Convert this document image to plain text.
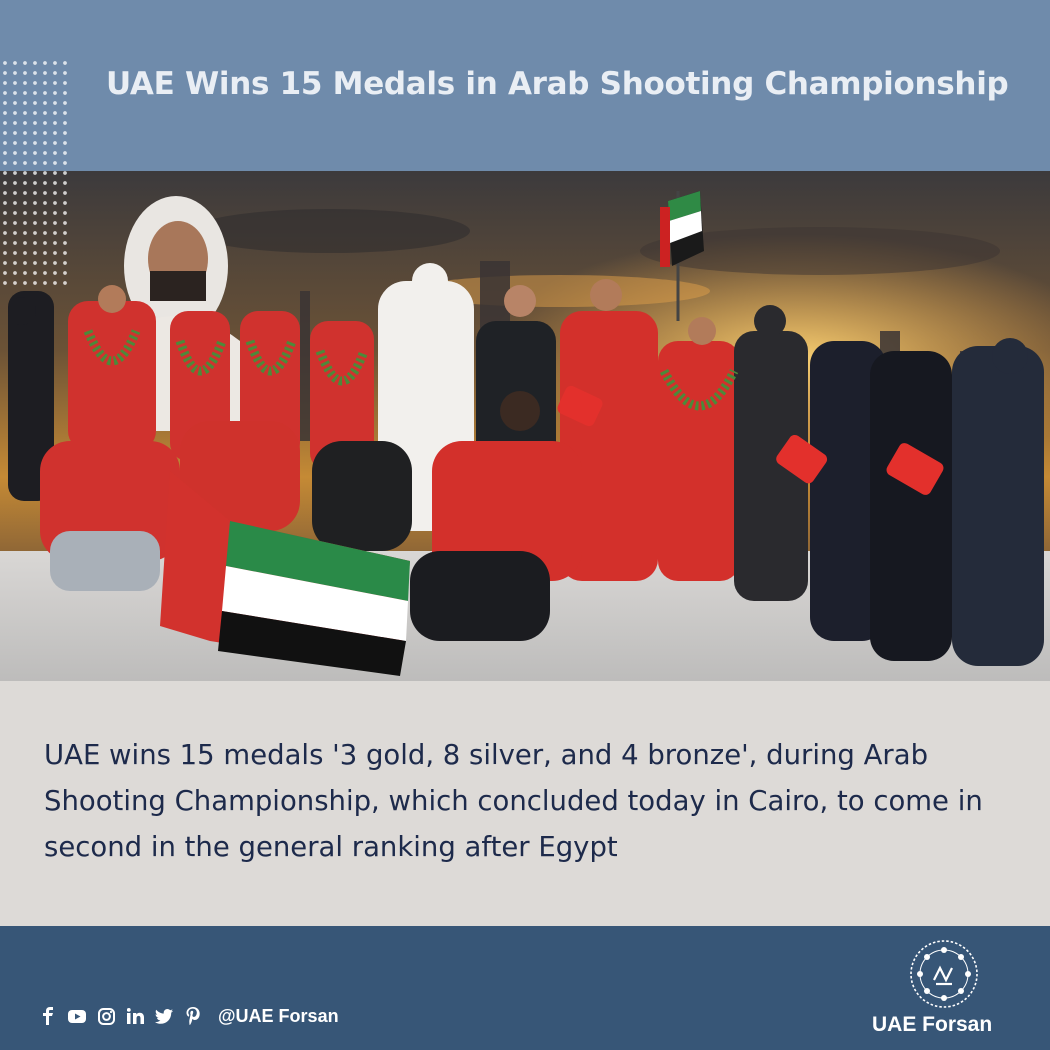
UAE Wins 15 Medals in Arab Shooting Championship
UAE wins 15 medals '3 gold, 8 silver, and 4 bronze', during Arab Shooting Championship, which concluded today in Cairo, to come in second in the general ranking after Egypt
@UAE Forsan	UAE Forsan
